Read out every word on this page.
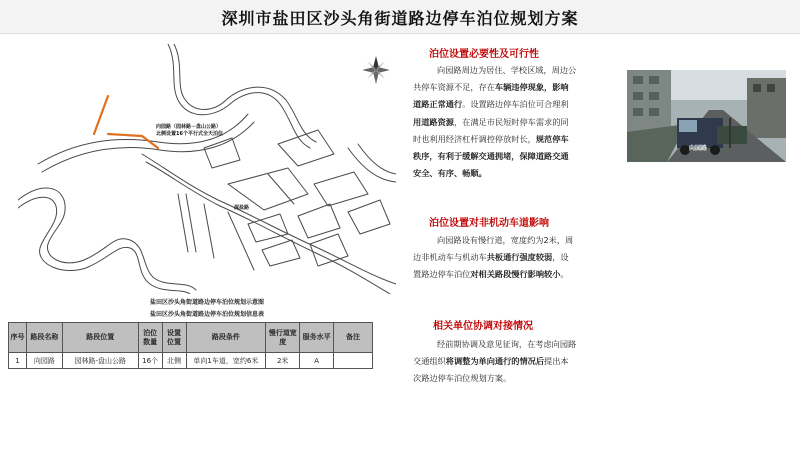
深圳市盐田区沙头角街道路边停车泊位规划方案
向园路（园林路－盘山公路）
北侧设置16个平行式全天泊位
深盐路
盐田区沙头角街道路边停车泊位规划示意图
盐田区沙头角街道路边停车泊位规划信息表
序号	路段名称	路段位置	泊位数量	设置位置	路段条件	慢行道宽度	服务水平	备注
1	向园路	园林路-盘山公路	16个	北侧	单向1车道，宽约6米	2米	A	
泊位设置必要性及可行性
向园路周边为居住、学校区域，周边公
共停车资源不足，存在车辆违停现象，影响
道路正常通行。设置路边停车泊位可合理利
用道路资源，在满足市民短时停车需求的同
时也利用经济杠杆调控停放时长，规范停车
秩序，有利于缓解交通拥堵，保障道路交通
安全、有序、畅顺。
向园路
泊位设置对非机动车道影响
向园路设有慢行道，宽度约为2米，周
边非机动车与机动车共板通行强度较弱，设
置路边停车泊位对相关路段慢行影响较小。
相关单位协调对接情况
经前期协调及意见征询，在考虑向园路
交通组织将调整为单向通行的情况后提出本
次路边停车泊位规划方案。
